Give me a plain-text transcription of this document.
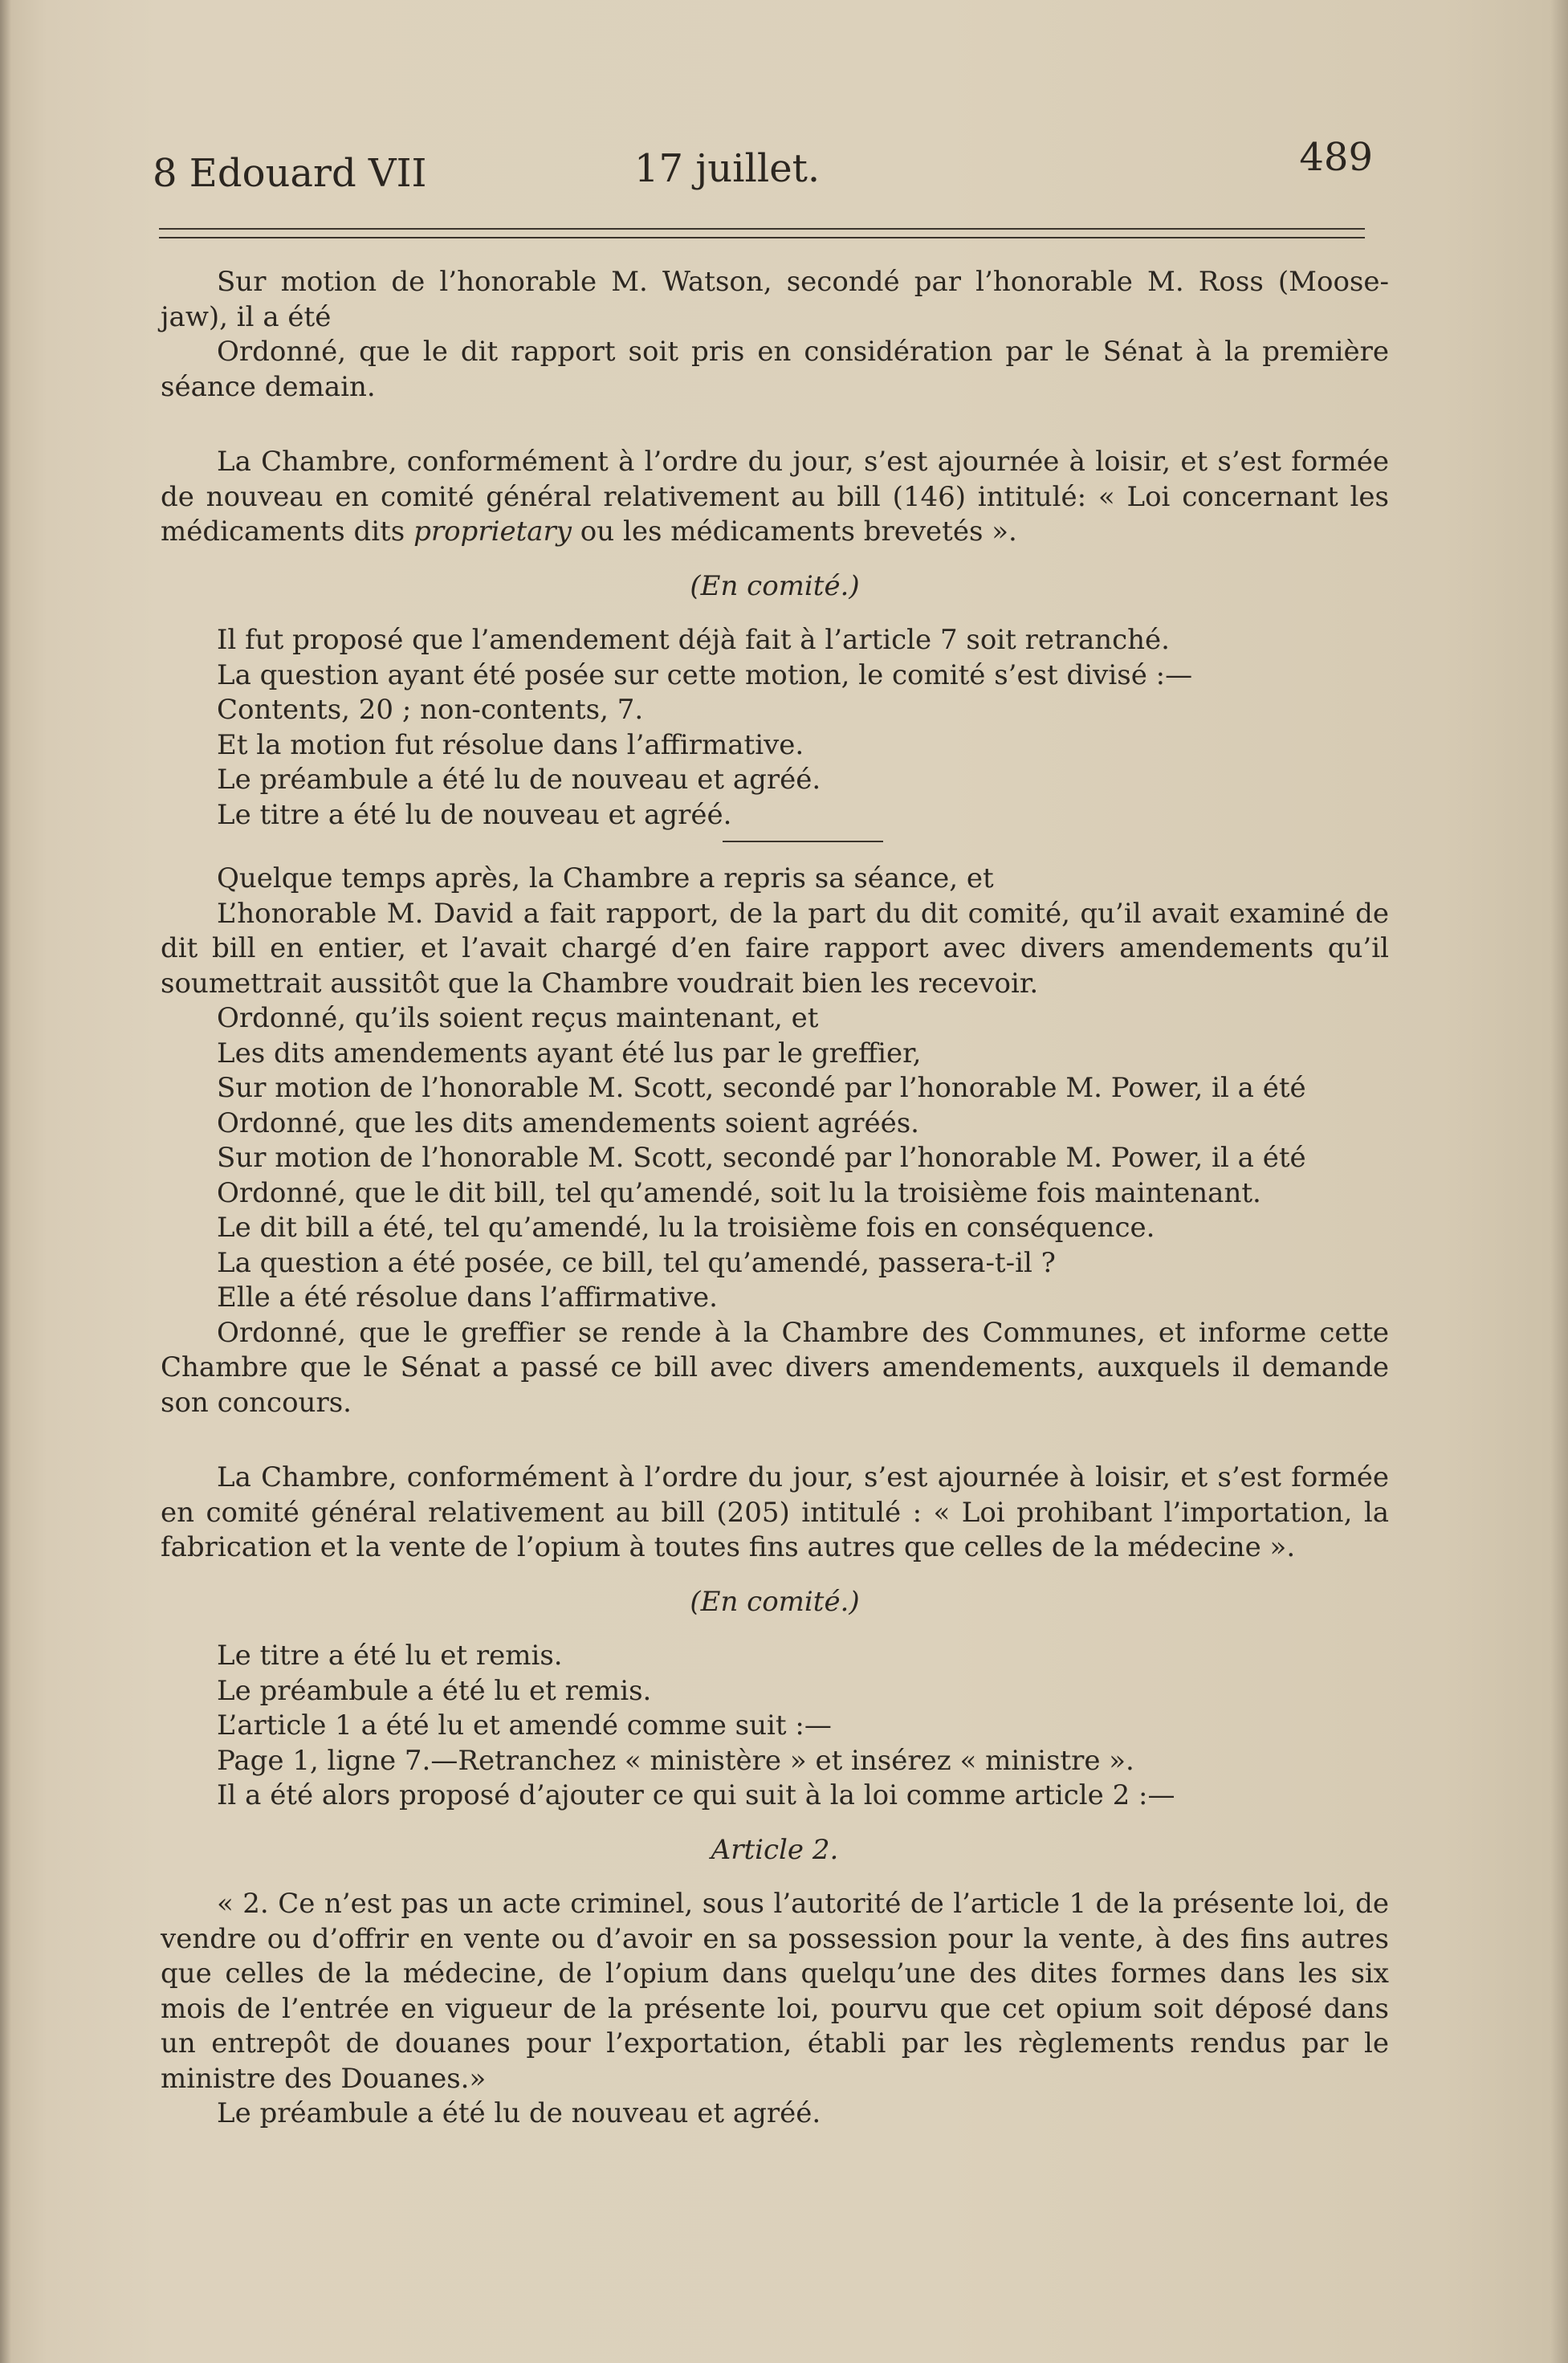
8 Edouard VII	17 juillet.	489

Sur motion de l’honorable M. Watson, secondé par l’honorable M. Ross (Moose-jaw), il a été

Ordonné, que le dit rapport soit pris en considération par le Sénat à la première séance demain.

La Chambre, conformément à l’ordre du jour, s’est ajournée à loisir, et s’est formée de nouveau en comité général relativement au bill (146) intitulé: « Loi concernant les médicaments dits proprietary ou les médicaments brevetés ».

(En comité.)

Il fut proposé que l’amendement déjà fait à l’article 7 soit retranché.

La question ayant été posée sur cette motion, le comité s’est divisé :—

Contents, 20 ; non-contents, 7.

Et la motion fut résolue dans l’affirmative.

Le préambule a été lu de nouveau et agréé.

Le titre a été lu de nouveau et agréé.

Quelque temps après, la Chambre a repris sa séance, et

L’honorable M. David a fait rapport, de la part du dit comité, qu’il avait examiné de dit bill en entier, et l’avait chargé d’en faire rapport avec divers amendements qu’il soumettrait aussitôt que la Chambre voudrait bien les recevoir.

Ordonné, qu’ils soient reçus maintenant, et

Les dits amendements ayant été lus par le greffier,

Sur motion de l’honorable M. Scott, secondé par l’honorable M. Power, il a été

Ordonné, que les dits amendements soient agréés.

Sur motion de l’honorable M. Scott, secondé par l’honorable M. Power, il a été

Ordonné, que le dit bill, tel qu’amendé, soit lu la troisième fois maintenant.

Le dit bill a été, tel qu’amendé, lu la troisième fois en conséquence.

La question a été posée, ce bill, tel qu’amendé, passera-t-il ?

Elle a été résolue dans l’affirmative.

Ordonné, que le greffier se rende à la Chambre des Communes, et informe cette Chambre que le Sénat a passé ce bill avec divers amendements, auxquels il demande son concours.

La Chambre, conformément à l’ordre du jour, s’est ajournée à loisir, et s’est formée en comité général relativement au bill (205) intitulé : « Loi prohibant l’importation, la fabrication et la vente de l’opium à toutes fins autres que celles de la médecine ».

(En comité.)

Le titre a été lu et remis.

Le préambule a été lu et remis.

L’article 1 a été lu et amendé comme suit :—

Page 1, ligne 7.—Retranchez « ministère » et insérez « ministre ».

Il a été alors proposé d’ajouter ce qui suit à la loi comme article 2 :—

Article 2.

« 2. Ce n’est pas un acte criminel, sous l’autorité de l’article 1 de la présente loi, de vendre ou d’offrir en vente ou d’avoir en sa possession pour la vente, à des fins autres que celles de la médecine, de l’opium dans quelqu’une des dites formes dans les six mois de l’entrée en vigueur de la présente loi, pourvu que cet opium soit déposé dans un entrepôt de douanes pour l’exportation, établi par les règlements rendus par le ministre des Douanes.»

Le préambule a été lu de nouveau et agréé.
